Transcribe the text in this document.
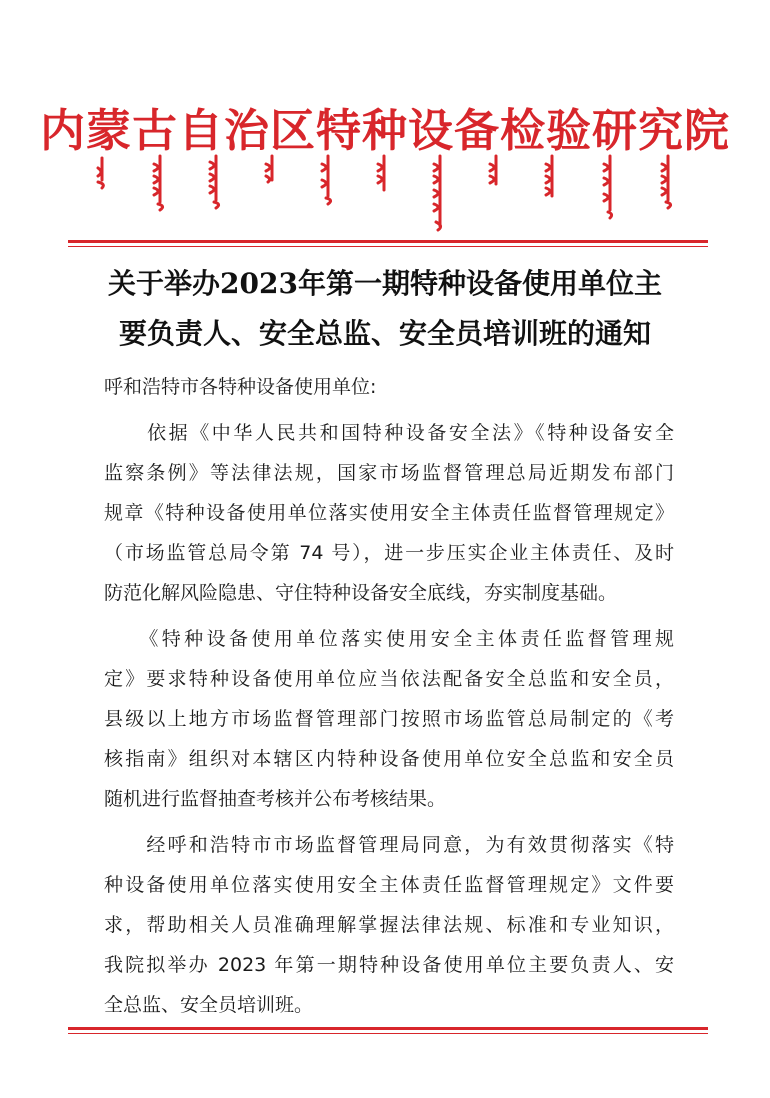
内蒙古自治区特种设备检验研究院
关于举办2023年第一期特种设备使用单位主
要负责人、安全总监、安全员培训班的通知
呼和浩特市各特种设备使用单位:
　　依据《中华人民共和国特种设备安全法》《特种设备安全
监察条例》等法律法规，国家市场监督管理总局近期发布部门
规章《特种设备使用单位落实使用安全主体责任监督管理规定》
（市场监管总局令第 74 号），进一步压实企业主体责任、及时
防范化解风险隐患、守住特种设备安全底线，夯实制度基础。
　　《特种设备使用单位落实使用安全主体责任监督管理规
定》要求特种设备使用单位应当依法配备安全总监和安全员，
县级以上地方市场监督管理部门按照市场监管总局制定的《考
核指南》组织对本辖区内特种设备使用单位安全总监和安全员
随机进行监督抽查考核并公布考核结果。
　　经呼和浩特市市场监督管理局同意，为有效贯彻落实《特
种设备使用单位落实使用安全主体责任监督管理规定》文件要
求，帮助相关人员准确理解掌握法律法规、标准和专业知识，
我院拟举办 2023 年第一期特种设备使用单位主要负责人、安
全总监、安全员培训班。
